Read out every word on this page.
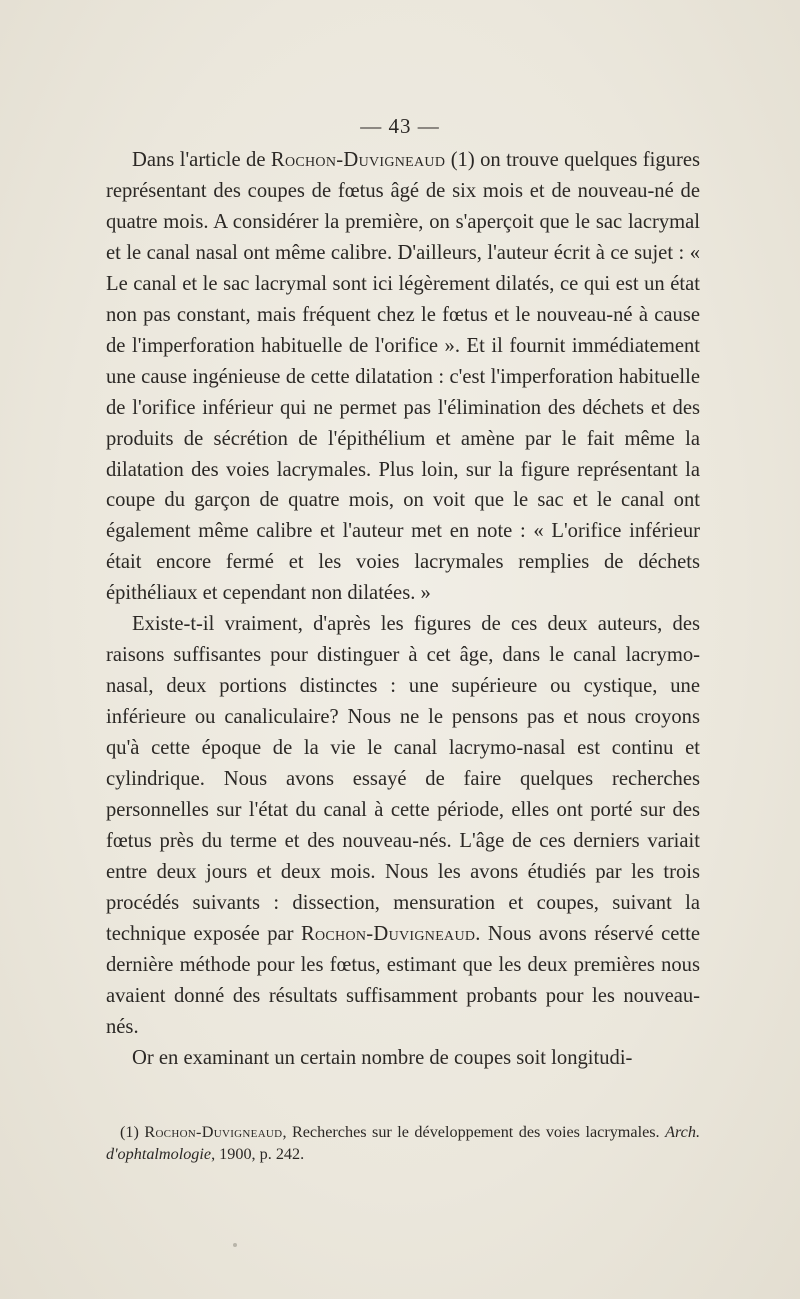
— 43 —

Dans l'article de Rochon-Duvigneaud (1) on trouve quelques figures représentant des coupes de fœtus âgé de six mois et de nouveau-né de quatre mois. A considérer la première, on s'aperçoit que le sac lacrymal et le canal nasal ont même calibre. D'ailleurs, l'auteur écrit à ce sujet : « Le canal et le sac lacrymal sont ici légèrement dilatés, ce qui est un état non pas constant, mais fréquent chez le fœtus et le nouveau-né à cause de l'imperforation habituelle de l'orifice ». Et il fournit immédiatement une cause ingénieuse de cette dilatation : c'est l'imperforation habituelle de l'orifice inférieur qui ne permet pas l'élimination des déchets et des produits de sécrétion de l'épithélium et amène par le fait même la dilatation des voies lacrymales. Plus loin, sur la figure représentant la coupe du garçon de quatre mois, on voit que le sac et le canal ont également même calibre et l'auteur met en note : « L'orifice inférieur était encore fermé et les voies lacrymales remplies de déchets épithéliaux et cependant non dilatées. »

Existe-t-il vraiment, d'après les figures de ces deux auteurs, des raisons suffisantes pour distinguer à cet âge, dans le canal lacrymo-nasal, deux portions distinctes : une supérieure ou cystique, une inférieure ou canaliculaire? Nous ne le pensons pas et nous croyons qu'à cette époque de la vie le canal lacrymo-nasal est continu et cylindrique. Nous avons essayé de faire quelques recherches personnelles sur l'état du canal à cette période, elles ont porté sur des fœtus près du terme et des nouveau-nés. L'âge de ces derniers variait entre deux jours et deux mois. Nous les avons étudiés par les trois procédés suivants : dissection, mensuration et coupes, suivant la technique exposée par Rochon-Duvigneaud. Nous avons réservé cette dernière méthode pour les fœtus, estimant que les deux premières nous avaient donné des résultats suffisamment probants pour les nouveau-nés.

Or en examinant un certain nombre de coupes soit longitudi-

(1) Rochon-Duvigneaud, Recherches sur le développement des voies lacrymales. Arch. d'ophtalmologie, 1900, p. 242.
